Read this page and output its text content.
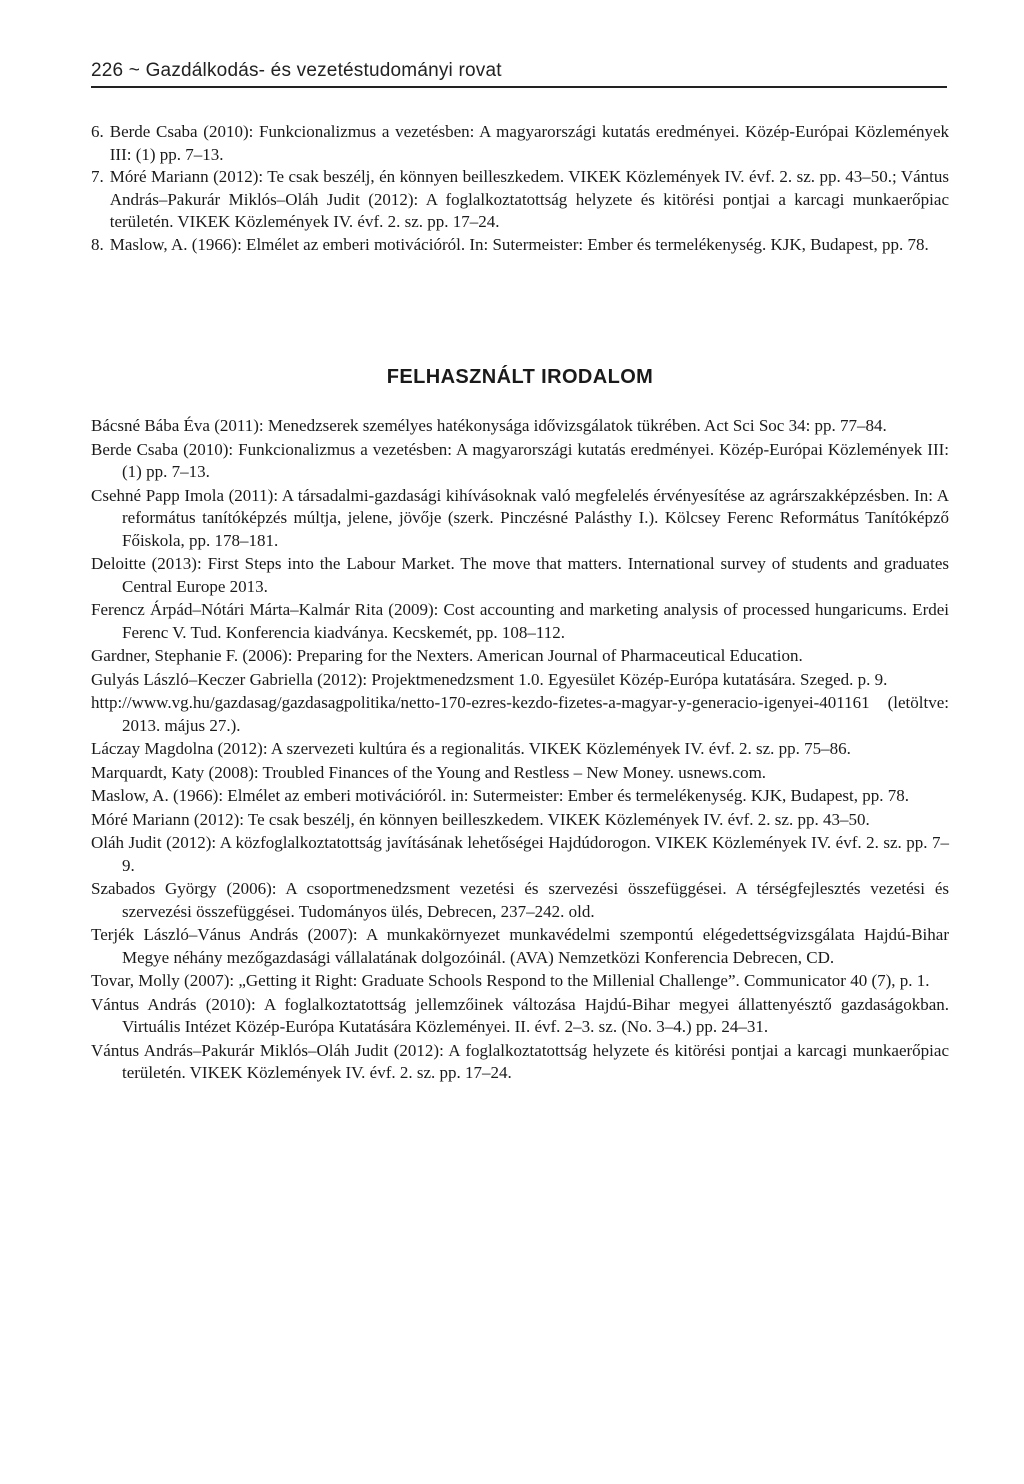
226 ~ Gazdálkodás- és vezetéstudományi rovat
6. Berde Csaba (2010): Funkcionalizmus a vezetésben: A magyarországi kutatás eredményei. Közép-Európai Közlemények III: (1) pp. 7–13.
7. Móré Mariann (2012): Te csak beszélj, én könnyen beilleszkedem. VIKEK Közlemények IV. évf. 2. sz. pp. 43–50.; Vántus András–Pakurár Miklós–Oláh Judit (2012): A foglalkoztatottság helyzete és kitörési pontjai a karcagi munkaerőpiac területén. VIKEK Közlemények IV. évf. 2. sz. pp. 17–24.
8. Maslow, A. (1966): Elmélet az emberi motivációról. In: Sutermeister: Ember és termelékenység. KJK, Budapest, pp. 78.
FELHASZNÁLT IRODALOM
Bácsné Bába Éva (2011): Menedzserek személyes hatékonysága idővizsgálatok tükrében. Act Sci Soc 34: pp. 77–84.
Berde Csaba (2010): Funkcionalizmus a vezetésben: A magyarországi kutatás eredményei. Közép-Európai Közlemények III: (1) pp. 7–13.
Csehné Papp Imola (2011): A társadalmi-gazdasági kihívásoknak való megfelelés érvényesítése az agrárszakképzésben. In: A református tanítóképzés múltja, jelene, jövője (szerk. Pinczésné Palásthy I.). Kölcsey Ferenc Református Tanítóképző Főiskola, pp. 178–181.
Deloitte (2013): First Steps into the Labour Market. The move that matters. International survey of students and graduates Central Europe 2013.
Ferencz Árpád–Nótári Márta–Kalmár Rita (2009): Cost accounting and marketing analysis of processed hungaricums. Erdei Ferenc V. Tud. Konferencia kiadványa. Kecskemét, pp. 108–112.
Gardner, Stephanie F. (2006): Preparing for the Nexters. American Journal of Pharmaceutical Education.
Gulyás László–Keczer Gabriella (2012): Projektmenedzsment 1.0. Egyesület Közép-Európa kutatására. Szeged. p. 9.
http://www.vg.hu/gazdasag/gazdasagpolitika/netto-170-ezres-kezdo-fizetes-a-magyar-y-generacio-igenyei-401161 (letöltve: 2013. május 27.).
Láczay Magdolna (2012): A szervezeti kultúra és a regionalitás. VIKEK Közlemények IV. évf. 2. sz. pp. 75–86.
Marquardt, Katy (2008): Troubled Finances of the Young and Restless – New Money. usnews.com.
Maslow, A. (1966): Elmélet az emberi motivációról. in: Sutermeister: Ember és termelékenység. KJK, Budapest, pp. 78.
Móré Mariann (2012): Te csak beszélj, én könnyen beilleszkedem. VIKEK Közlemények IV. évf. 2. sz. pp. 43–50.
Oláh Judit (2012): A közfoglalkoztatottság javításának lehetőségei Hajdúdorogon. VIKEK Közlemények IV. évf. 2. sz. pp. 7–9.
Szabados György (2006): A csoportmenedzsment vezetési és szervezési összefüggései. A térségfejlesztés vezetési és szervezési összefüggései. Tudományos ülés, Debrecen, 237–242. old.
Terjék László–Vánus András (2007): A munkakörnyezet munkavédelmi szempontú elégedettségvizsgálata Hajdú-Bihar Megye néhány mezőgazdasági vállalatának dolgozóinál. (AVA) Nemzetközi Konferencia Debrecen, CD.
Tovar, Molly (2007): „Getting it Right: Graduate Schools Respond to the Millenial Challenge”. Communicator 40 (7), p. 1.
Vántus András (2010): A foglalkoztatottság jellemzőinek változása Hajdú-Bihar megyei állattenyésztő gazdaságokban. Virtuális Intézet Közép-Európa Kutatására Közleményei. II. évf. 2–3. sz. (No. 3–4.) pp. 24–31.
Vántus András–Pakurár Miklós–Oláh Judit (2012): A foglalkoztatottság helyzete és kitörési pontjai a karcagi munkaerőpiac területén. VIKEK Közlemények IV. évf. 2. sz. pp. 17–24.
